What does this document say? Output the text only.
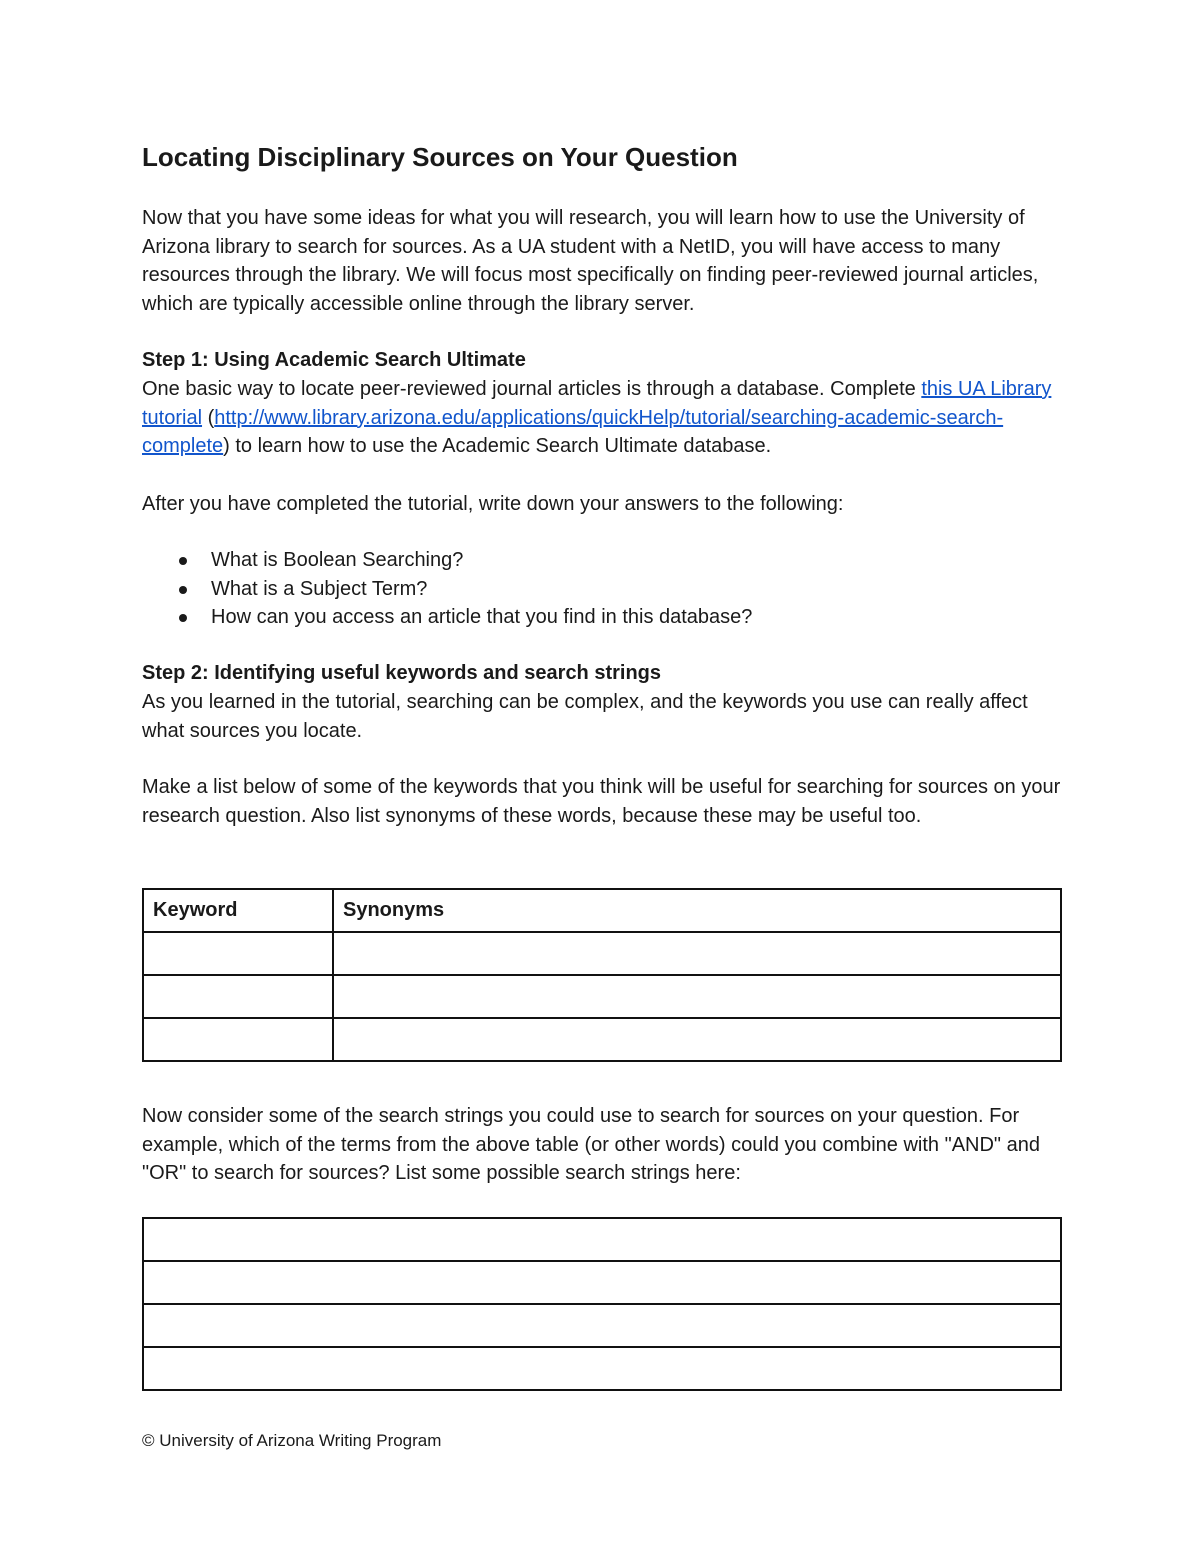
Locating Disciplinary Sources on Your Question

Now that you have some ideas for what you will research, you will learn how to use the University of Arizona library to search for sources. As a UA student with a NetID, you will have access to many resources through the library. We will focus most specifically on finding peer-reviewed journal articles, which are typically accessible online through the library server.

Step 1: Using Academic Search Ultimate

One basic way to locate peer-reviewed journal articles is through a database. Complete this UA Library tutorial (http://www.library.arizona.edu/applications/quickHelp/tutorial/searching-academic-search-complete) to learn how to use the Academic Search Ultimate database.

After you have completed the tutorial, write down your answers to the following:

What is Boolean Searching?
What is a Subject Term?
How can you access an article that you find in this database?

Step 2: Identifying useful keywords and search strings

As you learned in the tutorial, searching can be complex, and the keywords you use can really affect what sources you locate.

Make a list below of some of the keywords that you think will be useful for searching for sources on your research question. Also list synonyms of these words, because these may be useful too.

Keyword	Synonyms

Now consider some of the search strings you could use to search for sources on your question. For example, which of the terms from the above table (or other words) could you combine with "AND" and "OR" to search for sources? List some possible search strings here:

© University of Arizona Writing Program
